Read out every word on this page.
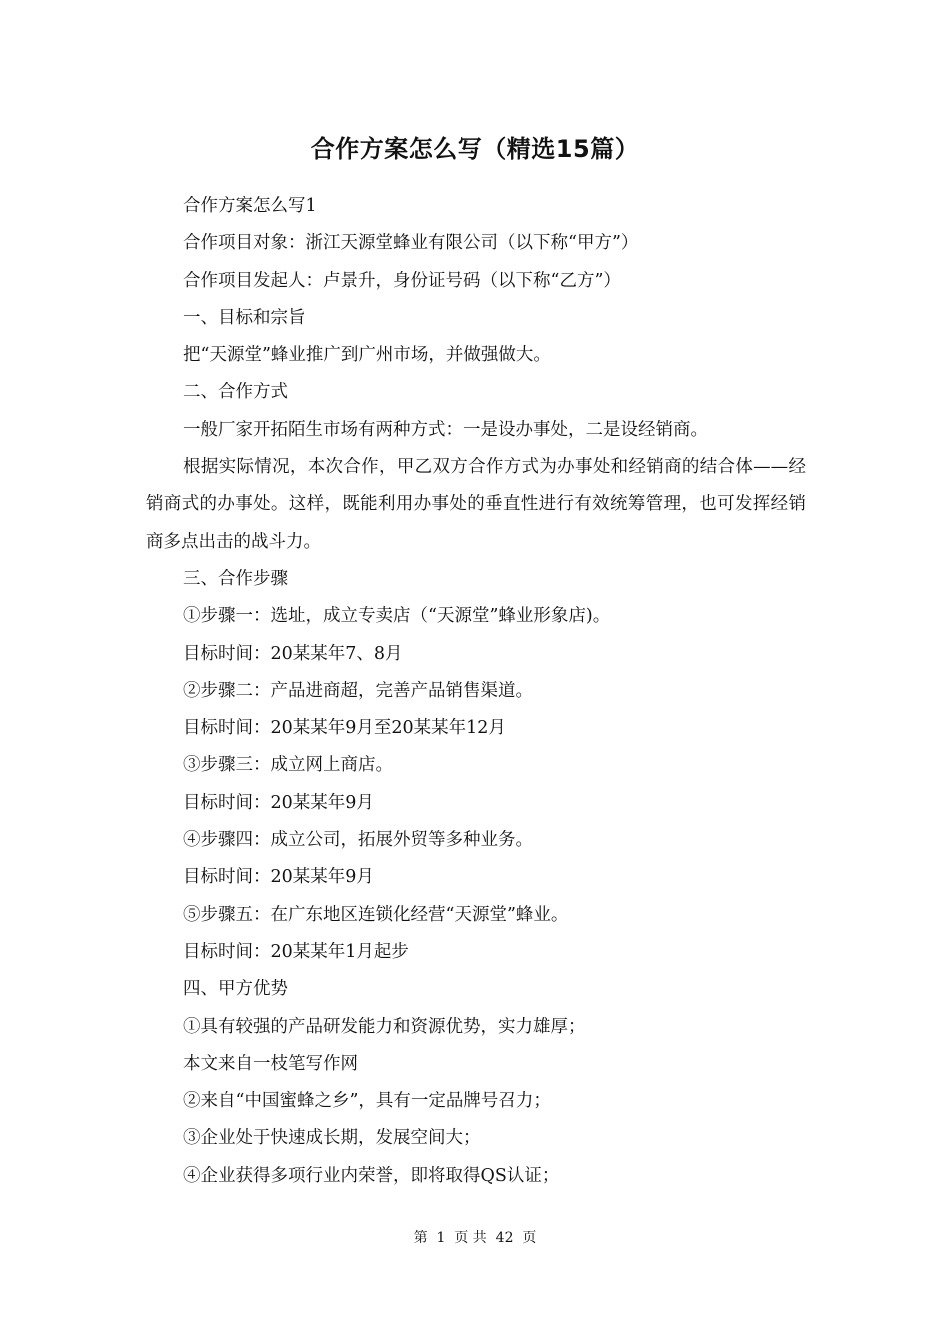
合作方案怎么写（精选15篇）

合作方案怎么写1

合作项目对象：浙江天源堂蜂业有限公司（以下称“甲方”）

合作项目发起人：卢景升，身份证号码（以下称“乙方”）

一、目标和宗旨

把“天源堂”蜂业推广到广州市场，并做强做大。

二、合作方式

一般厂家开拓陌生市场有两种方式：一是设办事处，二是设经销商。

根据实际情况，本次合作，甲乙双方合作方式为办事处和经销商的结合体——经销商式的办事处。这样，既能利用办事处的垂直性进行有效统筹管理，也可发挥经销商多点出击的战斗力。

三、合作步骤

①步骤一：选址，成立专卖店（“天源堂”蜂业形象店)。

目标时间：20某某年7、8月

②步骤二：产品进商超，完善产品销售渠道。

目标时间：20某某年9月至20某某年12月

③步骤三：成立网上商店。

目标时间：20某某年9月

④步骤四：成立公司，拓展外贸等多种业务。

目标时间：20某某年9月

⑤步骤五：在广东地区连锁化经营“天源堂”蜂业。

目标时间：20某某年1月起步

四、甲方优势

①具有较强的产品研发能力和资源优势，实力雄厚；

本文来自一枝笔写作网

②来自“中国蜜蜂之乡”，具有一定品牌号召力；

③企业处于快速成长期，发展空间大；

④企业获得多项行业内荣誉，即将取得QS认证；

第  1  页 共  42  页
